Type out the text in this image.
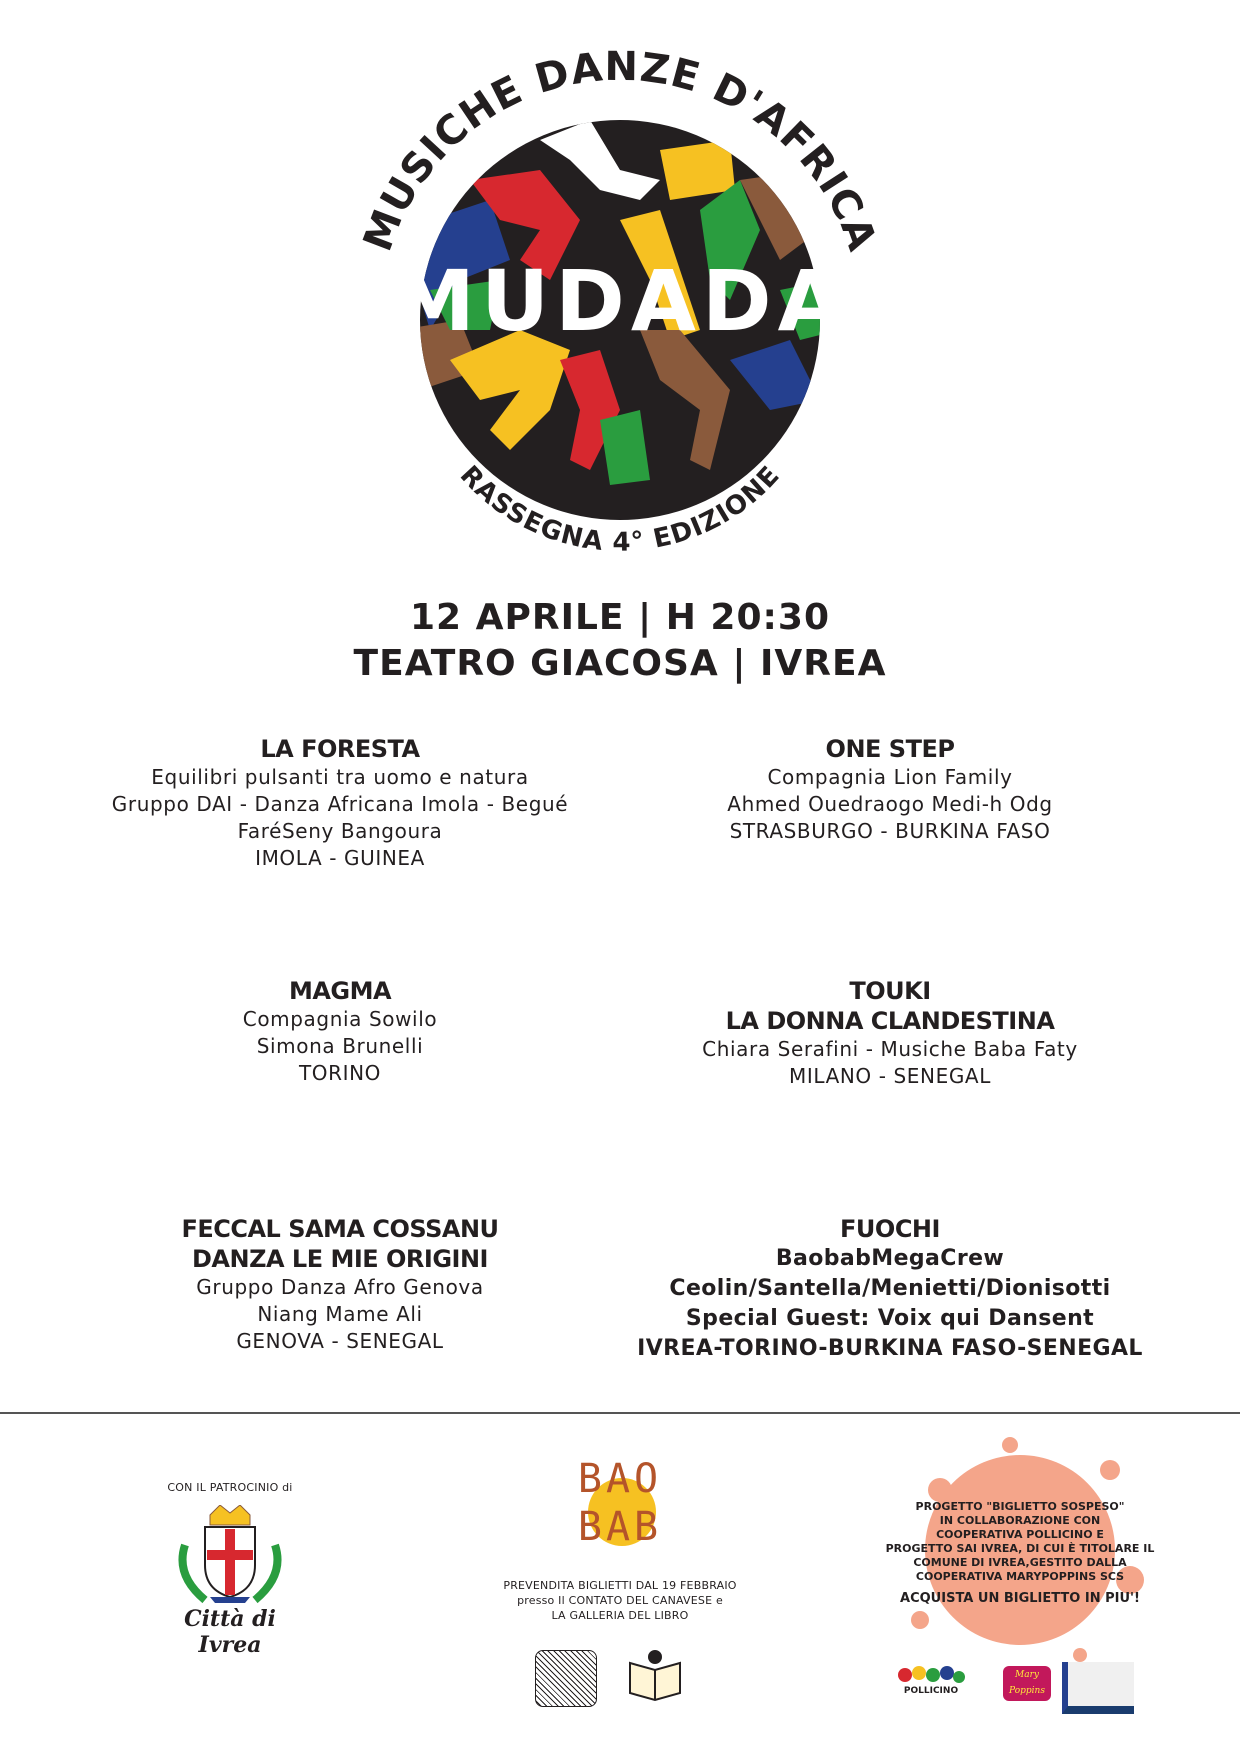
MUSICHE DANZE D'AFRICA
MUDADA
RASSEGNA 4° EDIZIONE
12 APRILE | H 20:30
TEATRO GIACOSA | IVREA
LA FORESTA
Equilibri pulsanti tra uomo e natura
Gruppo DAI - Danza Africana Imola - Begué
FaréSeny Bangoura
IMOLA - GUINEA
ONE STEP
Compagnia Lion Family
Ahmed Ouedraogo Medi-h Odg
STRASBURGO - BURKINA FASO
MAGMA
Compagnia Sowilo
Simona Brunelli
TORINO
TOUKI
LA DONNA CLANDESTINA
Chiara Serafini - Musiche Baba Faty
MILANO - SENEGAL
FECCAL SAMA COSSANU
DANZA LE MIE ORIGINI
Gruppo Danza Afro Genova
Niang Mame Ali
GENOVA - SENEGAL
FUOCHI
BaobabMegaCrew
Ceolin/Santella/Menietti/Dionisotti
Special Guest: Voix qui Dansent
IVREA-TORINO-BURKINA FASO-SENEGAL
CON IL PATROCINIO di
Città di Ivrea
BAO
BAB
PREVENDITA BIGLIETTI DAL 19 FEBBRAIO
presso Il CONTATO DEL CANAVESE e
LA GALLERIA DEL LIBRO
PROGETTO "BIGLIETTO SOSPESO"
IN COLLABORAZIONE CON
COOPERATIVA POLLICINO E
PROGETTO SAI IVREA, DI CUI È TITOLARE IL
COMUNE DI IVREA,GESTITO DALLA
COOPERATIVA MARYPOPPINS SCS
ACQUISTA UN BIGLIETTO IN PIU'!
POLLICINO
Mary Poppins
